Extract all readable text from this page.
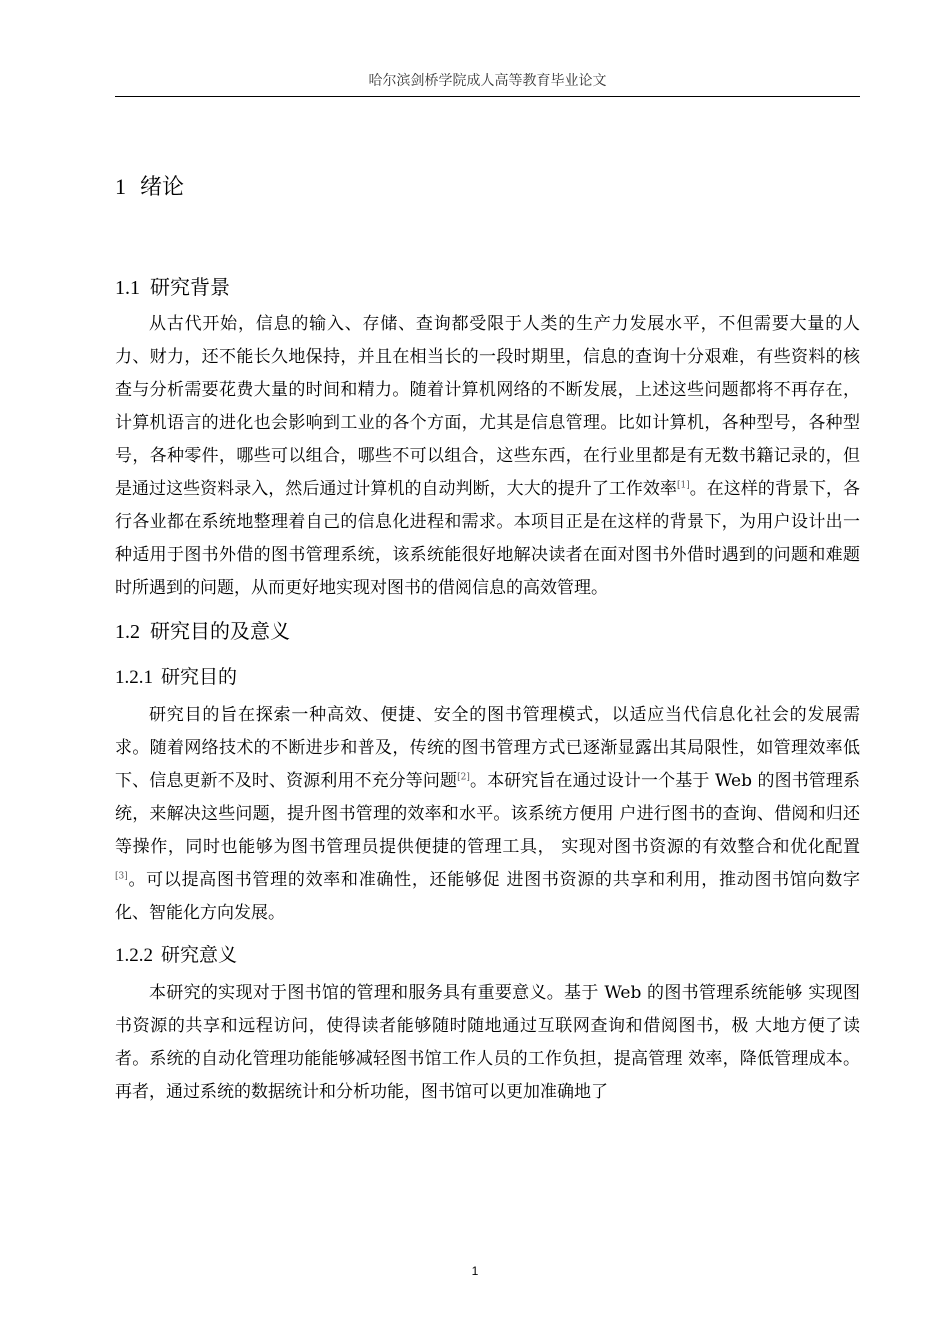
哈尔滨剑桥学院成人高等教育毕业论文
1 绪论
1.1 研究背景

从古代开始，信息的输入、存储、查询都受限于人类的生产力发展水平，不但需要大量的人力、财力，还不能长久地保持，并且在相当长的一段时期里，信息的查询十分艰难，有些资料的核查与分析需要花费大量的时间和精力。随着计算机网络的不断发展，上述这些问题都将不再存在，计算机语言的进化也会影响到工业的各个方面，尤其是信息管理。比如计算机，各种型号，各种型号，各种零件，哪些可以组合，哪些不可以组合，这些东西，在行业里都是有无数书籍记录的，但是通过这些资料录入，然后通过计算机的自动判断，大大的提升了工作效率[1]。在这样的背景下，各行各业都在系统地整理着自己的信息化进程和需求。本项目正是在这样的背景下，为用户设计出一种适用于图书外借的图书管理系统，该系统能很好地解决读者在面对图书外借时遇到的问题和难题时所遇到的问题，从而更好地实现对图书的借阅信息的高效管理。

1.2 研究目的及意义
1.2.1 研究目的

研究目的旨在探索一种高效、便捷、安全的图书管理模式，以适应当代信息化社会的发展需求。随着网络技术的不断进步和普及，传统的图书管理方式已逐渐显露出其局限性，如管理效率低下、信息更新不及时、资源利用不充分等问题[2]。本研究旨在通过设计一个基于 Web 的图书管理系统，来解决这些问题，提升图书管理的效率和水平。该系统方便用 户进行图书的查询、借阅和归还等操作，同时也能够为图书管理员提供便捷的管理工具， 实现对图书资源的有效整合和优化配置[3]。可以提高图书管理的效率和准确性，还能够促 进图书资源的共享和利用，推动图书馆向数字化、智能化方向发展。

1.2.2 研究意义

本研究的实现对于图书馆的管理和服务具有重要意义。基于 Web 的图书管理系统能够 实现图书资源的共享和远程访问，使得读者能够随时随地通过互联网查询和借阅图书，极 大地方便了读者。系统的自动化管理功能能够减轻图书馆工作人员的工作负担，提高管理 效率，降低管理成本。再者，通过系统的数据统计和分析功能，图书馆可以更加准确地了

1
